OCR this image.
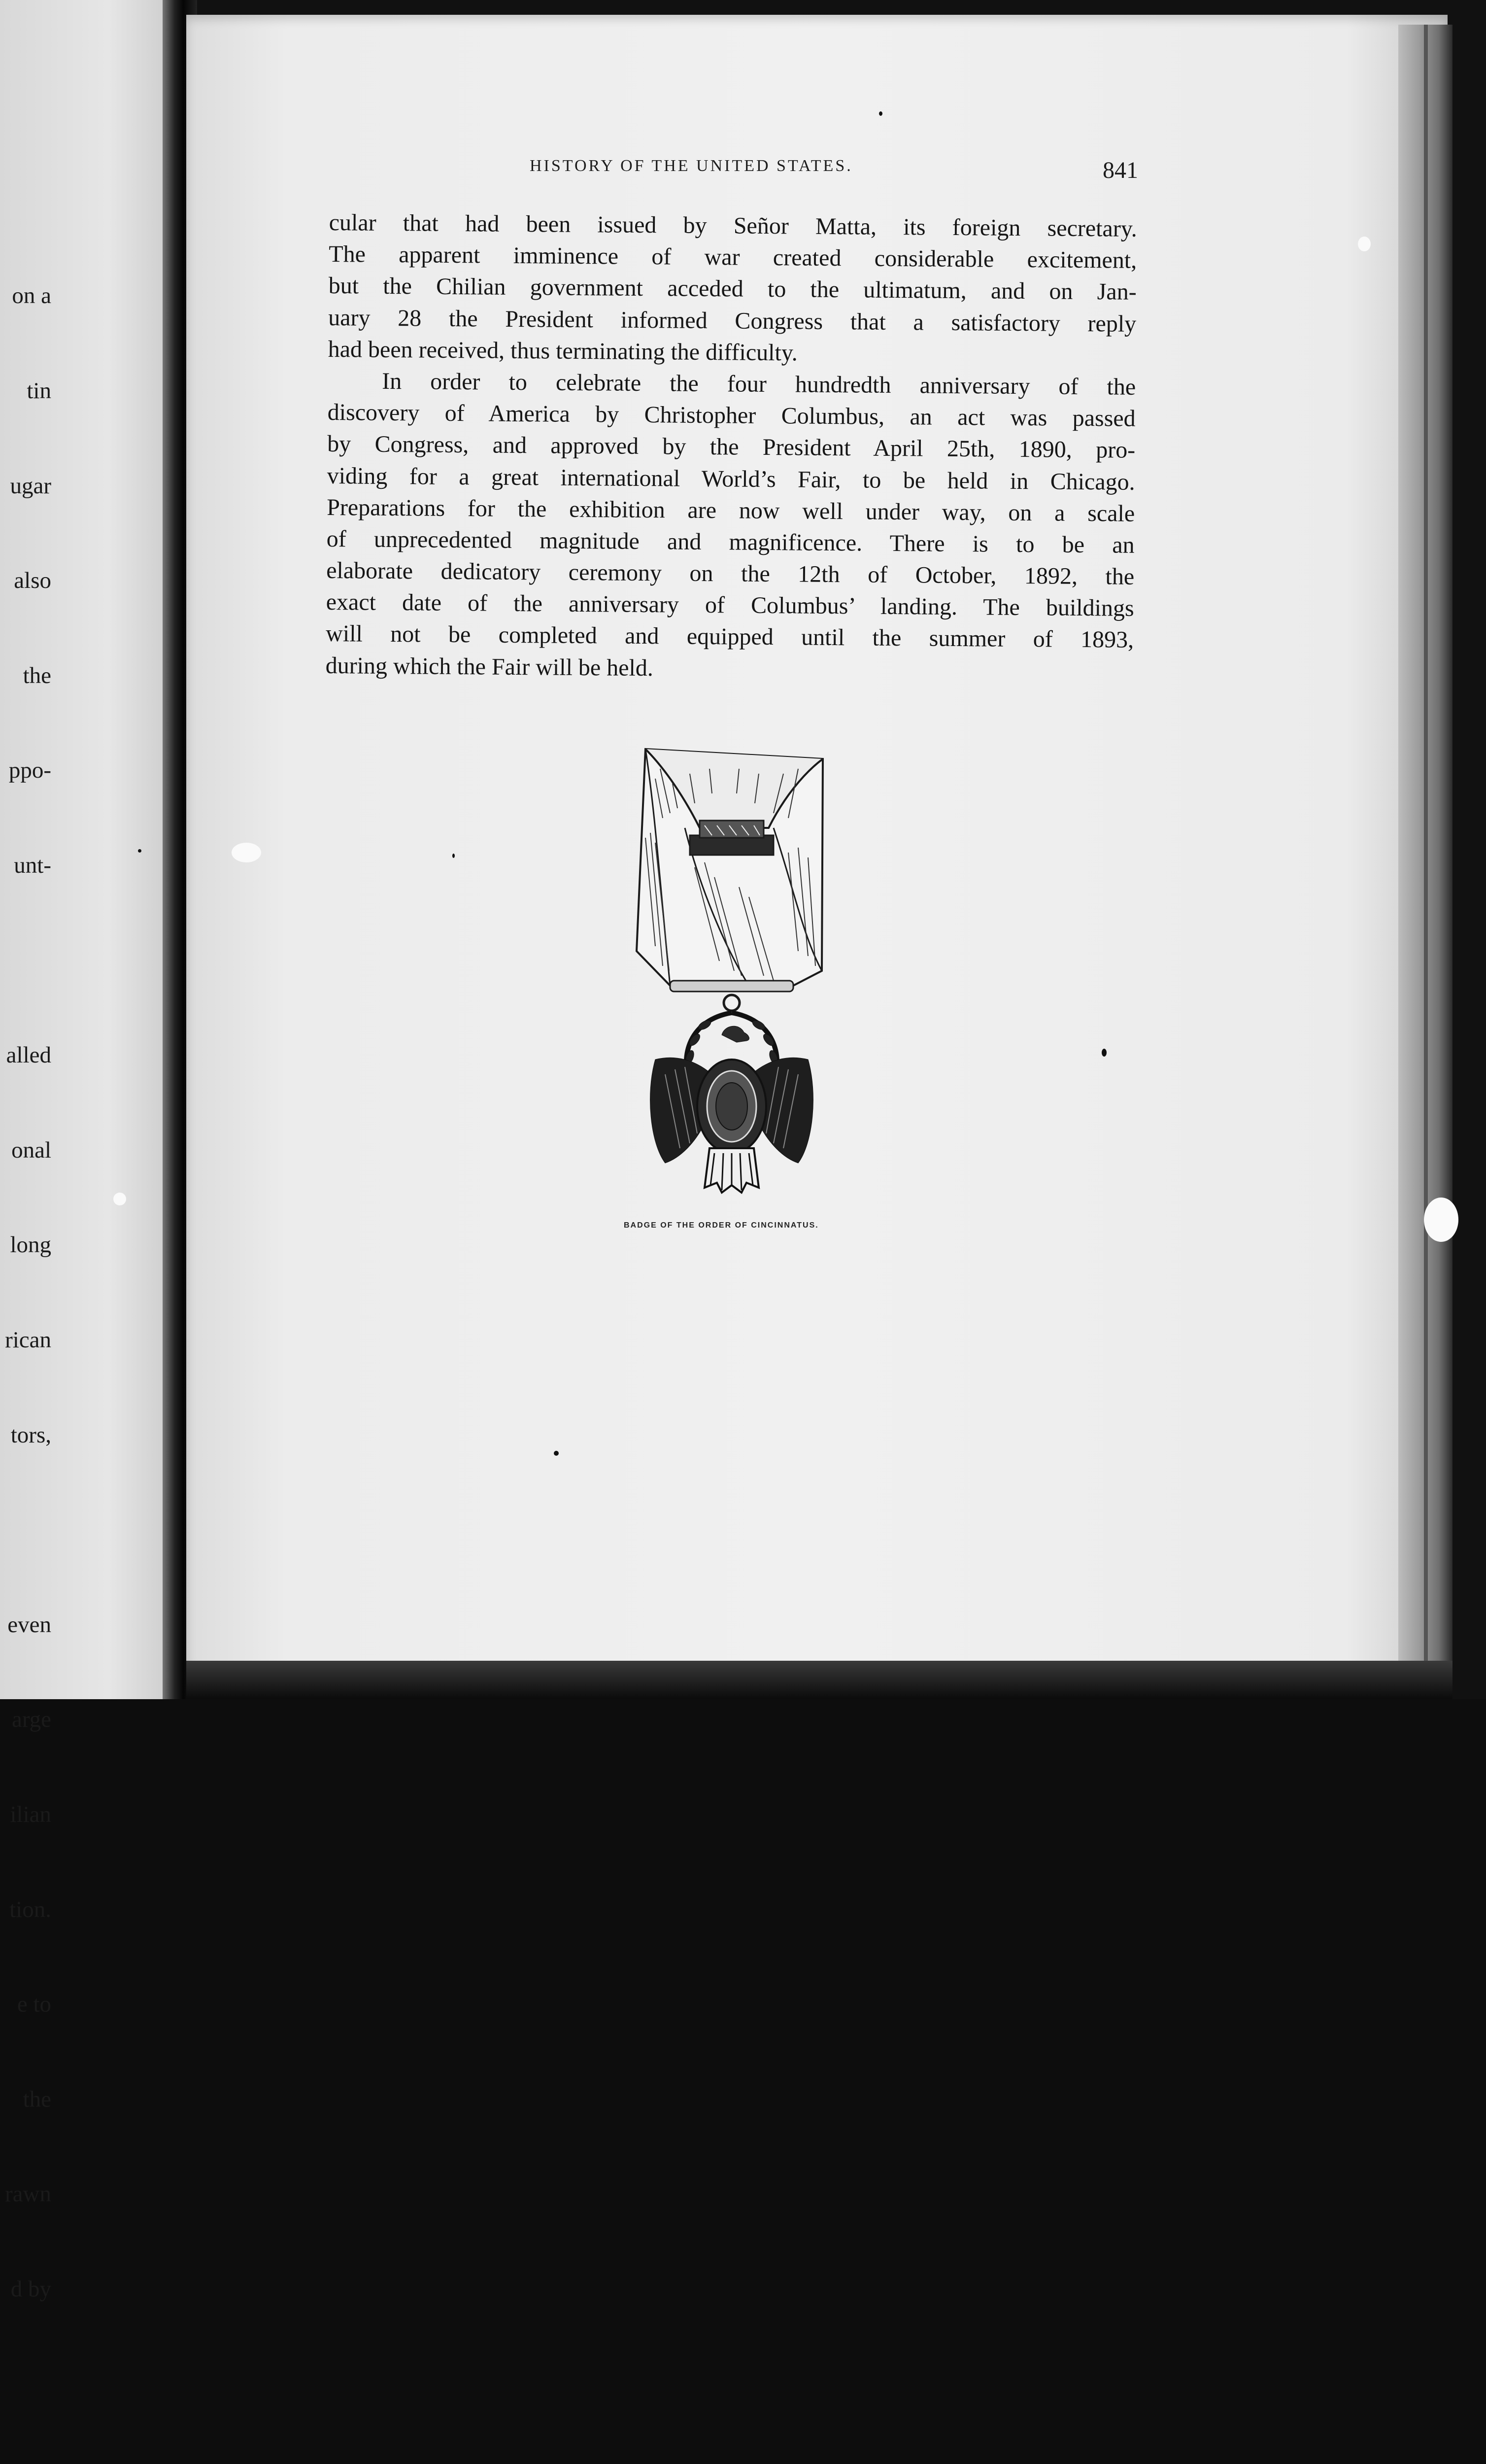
on a

tin

ugar

also

the

ppo-

unt-

alled

onal

long

rican

tors,

even

arge

ilian

tion.

e to

the

rawn

d by

HISTORY OF THE UNITED STATES.	841
cular that had been issued by Señor Matta, its foreign secretary.
The apparent imminence of war created considerable excitement,
but the Chilian government acceded to the ultimatum, and on Jan-
uary 28 the President informed Congress that a satisfactory reply
had been received, thus terminating the difficulty.
In order to celebrate the four hundredth anniversary of the
discovery of America by Christopher Columbus, an act was passed
by Congress, and approved by the President April 25th, 1890, pro-
viding for a great international World’s Fair, to be held in Chicago.
Preparations for the exhibition are now well under way, on a scale
of unprecedented magnitude and magnificence. There is to be an
elaborate dedicatory ceremony on the 12th of October, 1892, the
exact date of the anniversary of Columbus’ landing. The buildings
will not be completed and equipped until the summer of 1893,
during which the Fair will be held.
BADGE OF THE ORDER OF CINCINNATUS.
